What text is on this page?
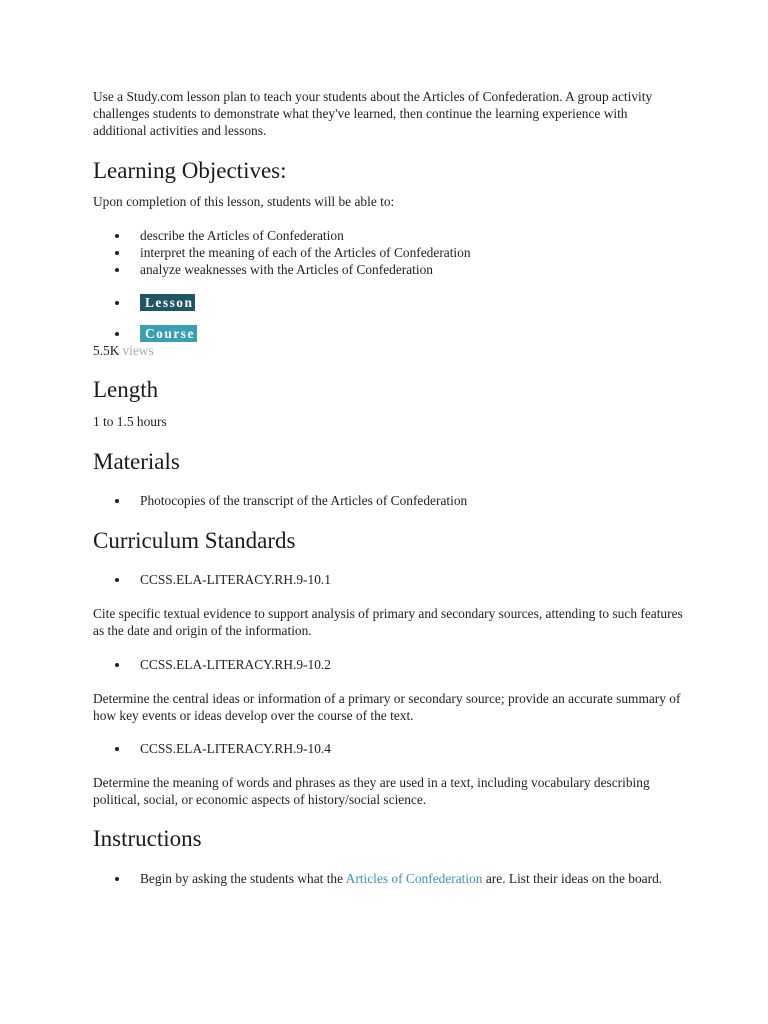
Use a Study.com lesson plan to teach your students about the Articles of Confederation. A group activity challenges students to demonstrate what they've learned, then continue the learning experience with additional activities and lessons.

Learning Objectives:

Upon completion of this lesson, students will be able to:

describe the Articles of Confederation
interpret the meaning of each of the Articles of Confederation
analyze weaknesses with the Articles of Confederation
Lesson
Course

5.5K views

Length

1 to 1.5 hours

Materials
Photocopies of the transcript of the Articles of Confederation
Curriculum Standards
CCSS.ELA-LITERACY.RH.9-10.1

Cite specific textual evidence to support analysis of primary and secondary sources, attending to such features as the date and origin of the information.

CCSS.ELA-LITERACY.RH.9-10.2

Determine the central ideas or information of a primary or secondary source; provide an accurate summary of how key events or ideas develop over the course of the text.

CCSS.ELA-LITERACY.RH.9-10.4

Determine the meaning of words and phrases as they are used in a text, including vocabulary describing political, social, or economic aspects of history/social science.

Instructions
Begin by asking the students what the Articles of Confederation are. List their ideas on the board.
